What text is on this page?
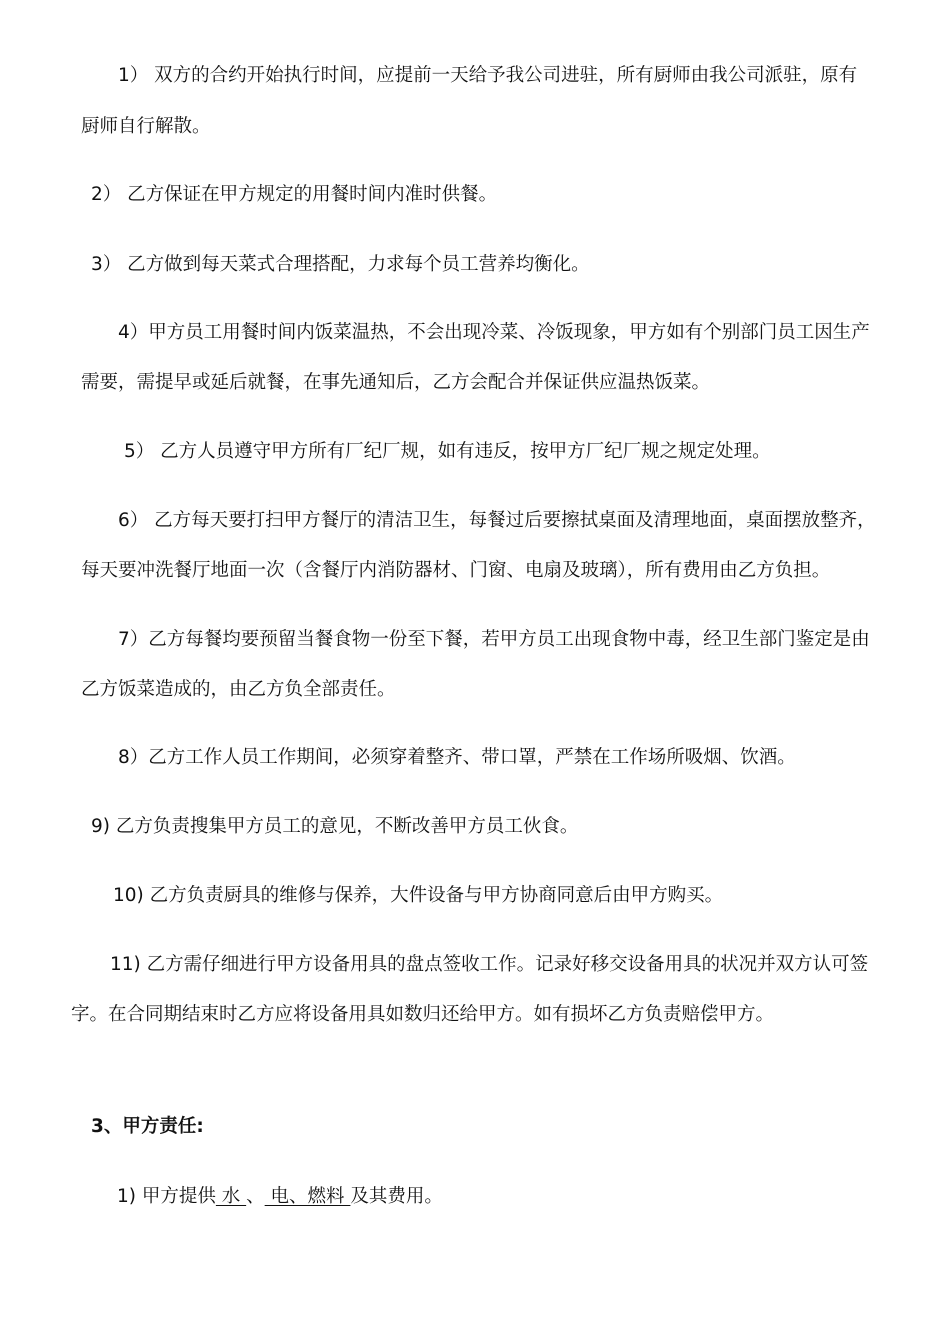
1） 双方的合约开始执行时间，应提前一天给予我公司进驻，所有厨师由我公司派驻，原有
厨师自行解散。
2） 乙方保证在甲方规定的用餐时间内准时供餐。
3） 乙方做到每天菜式合理搭配，力求每个员工营养均衡化。
4）甲方员工用餐时间内饭菜温热，不会出现冷菜、冷饭现象，甲方如有个别部门员工因生产
需要，需提早或延后就餐，在事先通知后，乙方会配合并保证供应温热饭菜。
5） 乙方人员遵守甲方所有厂纪厂规，如有违反，按甲方厂纪厂规之规定处理。
6） 乙方每天要打扫甲方餐厅的清洁卫生，每餐过后要擦拭桌面及清理地面，桌面摆放整齐，
每天要冲洗餐厅地面一次（含餐厅内消防器材、门窗、电扇及玻璃），所有费用由乙方负担。
7）乙方每餐均要预留当餐食物一份至下餐，若甲方员工出现食物中毒，经卫生部门鉴定是由
乙方饭菜造成的，由乙方负全部责任。
8）乙方工作人员工作期间，必须穿着整齐、带口罩，严禁在工作场所吸烟、饮酒。
9) 乙方负责搜集甲方员工的意见，不断改善甲方员工伙食。
10) 乙方负责厨具的维修与保养，大件设备与甲方协商同意后由甲方购买。
11) 乙方需仔细进行甲方设备用具的盘点签收工作。记录好移交设备用具的状况并双方认可签
字。在合同期结束时乙方应将设备用具如数归还给甲方。如有损坏乙方负责赔偿甲方。
3、甲方责任:
1) 甲方提供 水 、 电、燃料 及其费用。
